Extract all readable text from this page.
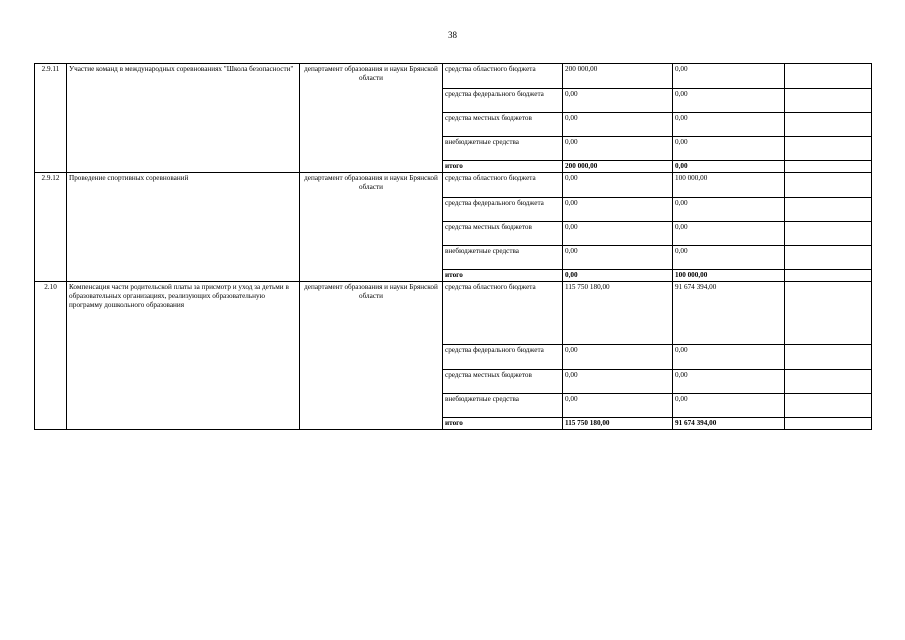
38
2.9.11	Участие команд в международных соревнованиях "Школа безопасности"	департамент образования и науки Брянской области	средства областного бюджета	200 000,00	0,00	
			средства федерального бюджета	0,00	0,00	
			средства местных бюджетов	0,00	0,00	
			внебюджетные средства	0,00	0,00	
			итого	200 000,00	0,00	
2.9.12	Проведение спортивных соревнований	департамент образования и науки Брянской области	средства областного бюджета	0,00	100 000,00	
			средства федерального бюджета	0,00	0,00	
			средства местных бюджетов	0,00	0,00	
			внебюджетные средства	0,00	0,00	
			итого	0,00	100 000,00	
2.10	Компенсация части родительской платы за присмотр и уход за детьми в образовательных организациях, реализующих образовательную программу дошкольного образования	департамент образования и науки Брянской области	средства областного бюджета	115 750 180,00	91 674 394,00	
			средства федерального бюджета	0,00	0,00	
			средства местных бюджетов	0,00	0,00	
			внебюджетные средства	0,00	0,00	
			итого	115 750 180,00	91 674 394,00	
